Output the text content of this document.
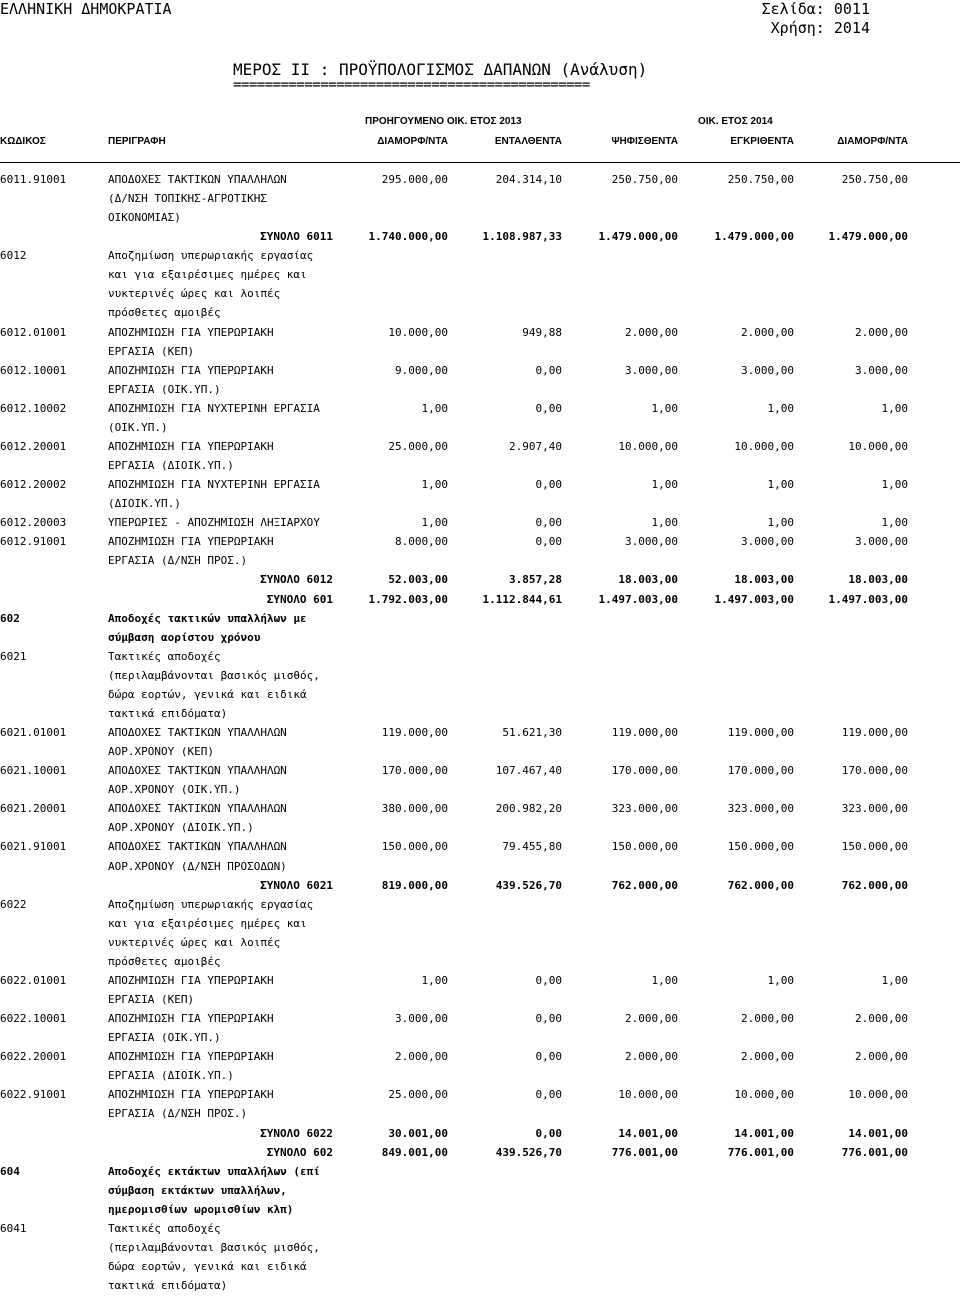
ΕΛΛΗΝΙΚΗ ΔΗΜΟΚΡΑΤΙΑ	Σελίδα: 0011
Χρήση: 2014
ΜΕΡΟΣ ΙΙ : ΠΡΟΫΠΟΛΟΓΙΣΜΟΣ ΔΑΠΑΝΩΝ (Ανάλυση)
=============================================
ΠΡΟΗΓΟΥΜΕΝΟ ΟΙΚ. ΕΤΟΣ 2013	ΟΙΚ. ΕΤΟΣ 2014
ΚΩΔΙΚΟΣ	ΠΕΡΙΓΡΑΦΗ	ΔΙΑΜΟΡΦ/ΝΤΑ	ΕΝΤΑΛΘΕΝΤΑ	ΨΗΦΙΣΘΕΝΤΑ	ΕΓΚΡΙΘΕΝΤΑ	ΔΙΑΜΟΡΦ/ΝΤΑ
6011.91001	ΑΠΟΔΟΧΕΣ ΤΑΚΤΙΚΩΝ ΥΠΑΛΛΗΛΩΝ	295.000,00	204.314,10	250.750,00	250.750,00	250.750,00
(Δ/ΝΣΗ ΤΟΠΙΚΗΣ-ΑΓΡΟΤΙΚΗΣ
ΟΙΚΟΝΟΜΙΑΣ)
ΣΥΝΟΛΟ 6011	1.740.000,00	1.108.987,33	1.479.000,00	1.479.000,00	1.479.000,00
6012	Αποζημίωση υπερωριακής εργασίας
και για εξαιρέσιμες ημέρες και
νυκτερινές ώρες και λοιπές
πρόσθετες αμοιβές
6012.01001	ΑΠΟΖΗΜΙΩΣΗ ΓΙΑ ΥΠΕΡΩΡΙΑΚΗ	10.000,00	949,88	2.000,00	2.000,00	2.000,00
ΕΡΓΑΣΙΑ (ΚΕΠ)
6012.10001	ΑΠΟΖΗΜΙΩΣΗ ΓΙΑ ΥΠΕΡΩΡΙΑΚΗ	9.000,00	0,00	3.000,00	3.000,00	3.000,00
ΕΡΓΑΣΙΑ (ΟΙΚ.ΥΠ.)
6012.10002	ΑΠΟΖΗΜΙΩΣΗ ΓΙΑ ΝΥΧΤΕΡΙΝΗ ΕΡΓΑΣΙΑ	1,00	0,00	1,00	1,00	1,00
(ΟΙΚ.ΥΠ.)
6012.20001	ΑΠΟΖΗΜΙΩΣΗ ΓΙΑ ΥΠΕΡΩΡΙΑΚΗ	25.000,00	2.907,40	10.000,00	10.000,00	10.000,00
ΕΡΓΑΣΙΑ (ΔΙΟΙΚ.ΥΠ.)
6012.20002	ΑΠΟΖΗΜΙΩΣΗ ΓΙΑ ΝΥΧΤΕΡΙΝΗ ΕΡΓΑΣΙΑ	1,00	0,00	1,00	1,00	1,00
(ΔΙΟΙΚ.ΥΠ.)
6012.20003	ΥΠΕΡΩΡΙΕΣ - ΑΠΟΖΗΜΙΩΣΗ ΛΗΞΙΑΡΧΟΥ	1,00	0,00	1,00	1,00	1,00
6012.91001	ΑΠΟΖΗΜΙΩΣΗ ΓΙΑ ΥΠΕΡΩΡΙΑΚΗ	8.000,00	0,00	3.000,00	3.000,00	3.000,00
ΕΡΓΑΣΙΑ (Δ/ΝΣΗ ΠΡΟΣ.)
ΣΥΝΟΛΟ 6012	52.003,00	3.857,28	18.003,00	18.003,00	18.003,00
ΣΥΝΟΛΟ 601	1.792.003,00	1.112.844,61	1.497.003,00	1.497.003,00	1.497.003,00
602	Αποδοχές τακτικών υπαλλήλων με
σύμβαση αορίστου χρόνου
6021	Τακτικές αποδοχές
(περιλαμβάνονται βασικός μισθός,
δώρα εορτών, γενικά και ειδικά
τακτικά επιδόματα)
6021.01001	ΑΠΟΔΟΧΕΣ ΤΑΚΤΙΚΩΝ ΥΠΑΛΛΗΛΩΝ	119.000,00	51.621,30	119.000,00	119.000,00	119.000,00
ΑΟΡ.ΧΡΟΝΟΥ (ΚΕΠ)
6021.10001	ΑΠΟΔΟΧΕΣ ΤΑΚΤΙΚΩΝ ΥΠΑΛΛΗΛΩΝ	170.000,00	107.467,40	170.000,00	170.000,00	170.000,00
ΑΟΡ.ΧΡΟΝΟΥ (ΟΙΚ.ΥΠ.)
6021.20001	ΑΠΟΔΟΧΕΣ ΤΑΚΤΙΚΩΝ ΥΠΑΛΛΗΛΩΝ	380.000,00	200.982,20	323.000,00	323.000,00	323.000,00
ΑΟΡ.ΧΡΟΝΟΥ (ΔΙΟΙΚ.ΥΠ.)
6021.91001	ΑΠΟΔΟΧΕΣ ΤΑΚΤΙΚΩΝ ΥΠΑΛΛΗΛΩΝ	150.000,00	79.455,80	150.000,00	150.000,00	150.000,00
ΑΟΡ.ΧΡΟΝΟΥ (Δ/ΝΣΗ ΠΡΟΣΟΔΩΝ)
ΣΥΝΟΛΟ 6021	819.000,00	439.526,70	762.000,00	762.000,00	762.000,00
6022	Αποζημίωση υπερωριακής εργασίας
και για εξαιρέσιμες ημέρες και
νυκτερινές ώρες και λοιπές
πρόσθετες αμοιβές
6022.01001	ΑΠΟΖΗΜΙΩΣΗ ΓΙΑ ΥΠΕΡΩΡΙΑΚΗ	1,00	0,00	1,00	1,00	1,00
ΕΡΓΑΣΙΑ (ΚΕΠ)
6022.10001	ΑΠΟΖΗΜΙΩΣΗ ΓΙΑ ΥΠΕΡΩΡΙΑΚΗ	3.000,00	0,00	2.000,00	2.000,00	2.000,00
ΕΡΓΑΣΙΑ (ΟΙΚ.ΥΠ.)
6022.20001	ΑΠΟΖΗΜΙΩΣΗ ΓΙΑ ΥΠΕΡΩΡΙΑΚΗ	2.000,00	0,00	2.000,00	2.000,00	2.000,00
ΕΡΓΑΣΙΑ (ΔΙΟΙΚ.ΥΠ.)
6022.91001	ΑΠΟΖΗΜΙΩΣΗ ΓΙΑ ΥΠΕΡΩΡΙΑΚΗ	25.000,00	0,00	10.000,00	10.000,00	10.000,00
ΕΡΓΑΣΙΑ (Δ/ΝΣΗ ΠΡΟΣ.)
ΣΥΝΟΛΟ 6022	30.001,00	0,00	14.001,00	14.001,00	14.001,00
ΣΥΝΟΛΟ 602	849.001,00	439.526,70	776.001,00	776.001,00	776.001,00
604	Αποδοχές εκτάκτων υπαλλήλων (επί
σύμβαση εκτάκτων υπαλλήλων,
ημερομισθίων ωρομισθίων κλπ)
6041	Τακτικές αποδοχές
(περιλαμβάνονται βασικός μισθός,
δώρα εορτών, γενικά και ειδικά
τακτικά επιδόματα)
